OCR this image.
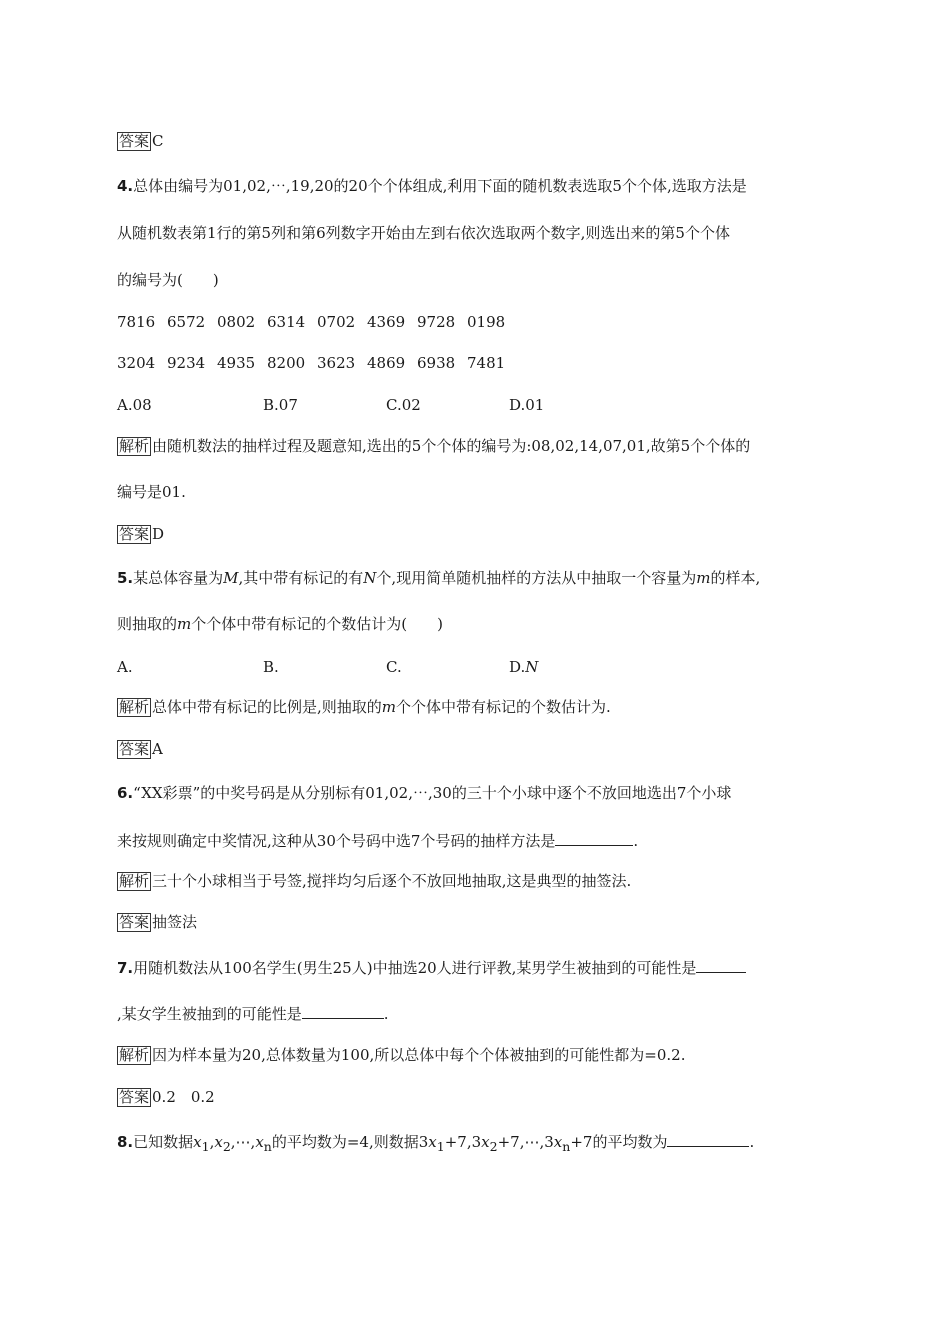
答案 C
4.总体由编号为01,02,⋯,19,20的20个个体组成,利用下面的随机数表选取5个个体,选取方法是
从随机数表第1行的第5列和第6列数字开始由左到右依次选取两个数字,则选出来的第5个个体
的编号为(　　)
7816 6572 0802 6314 0702 4369 9728 0198
3204 9234 4935 8200 3623 4869 6938 7481
A.08	B.07	C.02	D.01
解析 由随机数法的抽样过程及题意知,选出的5个个体的编号为:08,02,14,07,01,故第5个个体的
编号是01.
答案 D
5.某总体容量为M,其中带有标记的有N个,现用简单随机抽样的方法从中抽取一个容量为m的样本,
则抽取的m个个体中带有标记的个数估计为(　　)
A.	B.	C.	D.N
解析 总体中带有标记的比例是,则抽取的m个个体中带有标记的个数估计为.
答案 A
6.“XX彩票”的中奖号码是从分别标有01,02,⋯,30的三十个小球中逐个不放回地选出7个小球
来按规则确定中奖情况,这种从30个号码中选7个号码的抽样方法是	.
解析 三十个小球相当于号签,搅拌均匀后逐个不放回地抽取,这是典型的抽签法.
答案 抽签法
7.用随机数法从100名学生(男生25人)中抽选20人进行评教,某男学生被抽到的可能性是
,某女学生被抽到的可能性是	.
解析 因为样本量为20,总体数量为100,所以总体中每个个体被抽到的可能性都为=0.2.
答案 0.2　0.2
8.已知数据$x_1,x_2,\cdots,x_n$的平均数为=4,则数据$3x_1+7,3x_2+7,\cdots,3x_n+7$的平均数为	.
